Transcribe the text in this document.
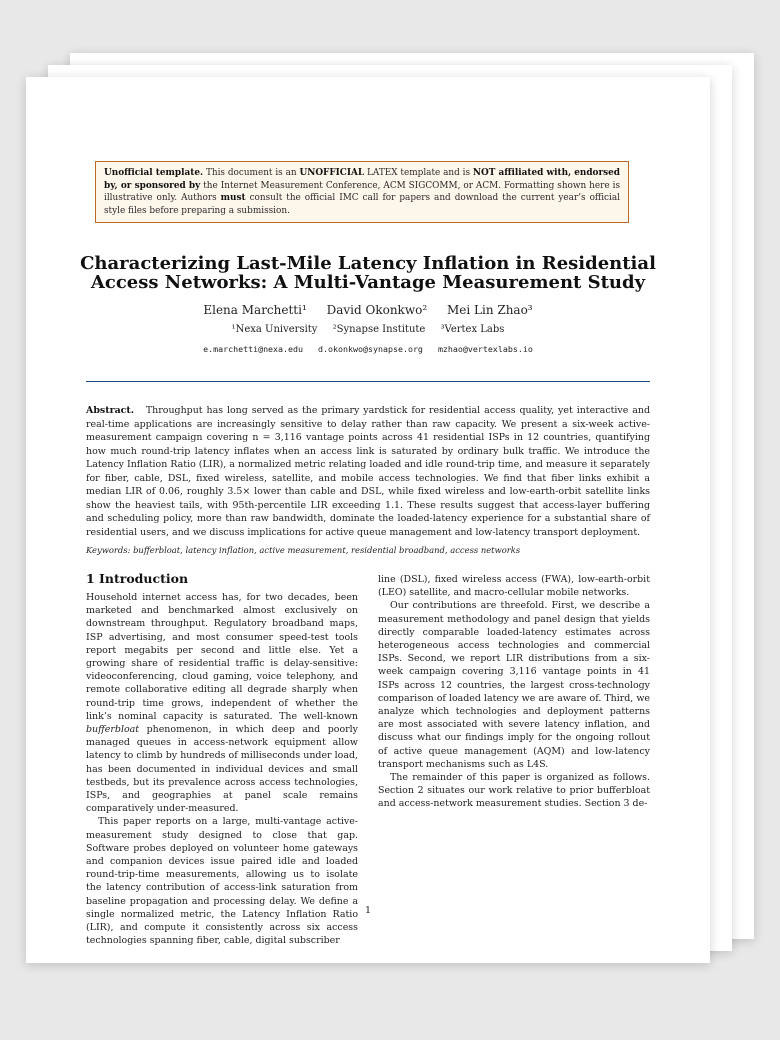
Unofficial template. This document is an UNOFFICIAL LATEX template and is NOT affiliated with, endorsed by, or sponsored by the Internet Measurement Conference, ACM SIGCOMM, or ACM. Formatting shown here is illustrative only. Authors must consult the official IMC call for papers and download the current year’s official style files before preparing a submission.
Characterizing Last-Mile Latency Inflation in Residential Access Networks: A Multi-Vantage Measurement Study
Elena Marchetti¹ David Okonkwo² Mei Lin Zhao³
¹Nexa University ²Synapse Institute ³Vertex Labs
e.marchetti@nexa.edu d.okonkwo@synapse.org mzhao@vertexlabs.io
Abstract. Throughput has long served as the primary yardstick for residential access quality, yet interactive and real-time applications are increasingly sensitive to delay rather than raw capacity. We present a six-week active-measurement campaign covering n = 3,116 vantage points across 41 residential ISPs in 12 countries, quantifying how much round-trip latency inflates when an access link is saturated by ordinary bulk traffic. We introduce the Latency Inflation Ratio (LIR), a normalized metric relating loaded and idle round-trip time, and measure it separately for fiber, cable, DSL, fixed wireless, satellite, and mobile access technologies. We find that fiber links exhibit a median LIR of 0.06, roughly 3.5× lower than cable and DSL, while fixed wireless and low-earth-orbit satellite links show the heaviest tails, with 95th-percentile LIR exceeding 1.1. These results suggest that access-layer buffering and scheduling policy, more than raw bandwidth, dominate the loaded-latency experience for a substantial share of residential users, and we discuss implications for active queue management and low-latency transport deployment.
Keywords: bufferbloat, latency inflation, active measurement, residential broadband, access networks
1 Introduction

Household internet access has, for two decades, been marketed and benchmarked almost exclusively on downstream throughput. Regulatory broadband maps, ISP advertising, and most consumer speed-test tools report megabits per second and little else. Yet a growing share of residential traffic is delay-sensitive: videoconferencing, cloud gaming, voice telephony, and remote collaborative editing all degrade sharply when round-trip time grows, independent of whether the link’s nominal capacity is saturated. The well-known bufferbloat phenomenon, in which deep and poorly managed queues in access-network equipment allow latency to climb by hundreds of milliseconds under load, has been documented in individual devices and small testbeds, but its prevalence across access technologies, ISPs, and geographies at panel scale remains comparatively under-measured.

This paper reports on a large, multi-vantage active-measurement study designed to close that gap. Software probes deployed on volunteer home gateways and companion devices issue paired idle and loaded round-trip-time measurements, allowing us to isolate the latency contribution of access-link saturation from baseline propagation and processing delay. We define a single normalized metric, the Latency Inflation Ratio (LIR), and compute it consistently across six access technologies spanning fiber, cable, digital subscriber

line (DSL), fixed wireless access (FWA), low-earth-orbit (LEO) satellite, and macro-cellular mobile networks.

Our contributions are threefold. First, we describe a measurement methodology and panel design that yields directly comparable loaded-latency estimates across heterogeneous access technologies and commercial ISPs. Second, we report LIR distributions from a six-week campaign covering 3,116 vantage points in 41 ISPs across 12 countries, the largest cross-technology comparison of loaded latency we are aware of. Third, we analyze which technologies and deployment patterns are most associated with severe latency inflation, and discuss what our findings imply for the ongoing rollout of active queue management (AQM) and low-latency transport mechanisms such as L4S.

The remainder of this paper is organized as follows. Section 2 situates our work relative to prior bufferbloat and access-network measurement studies. Section 3 de-

1
